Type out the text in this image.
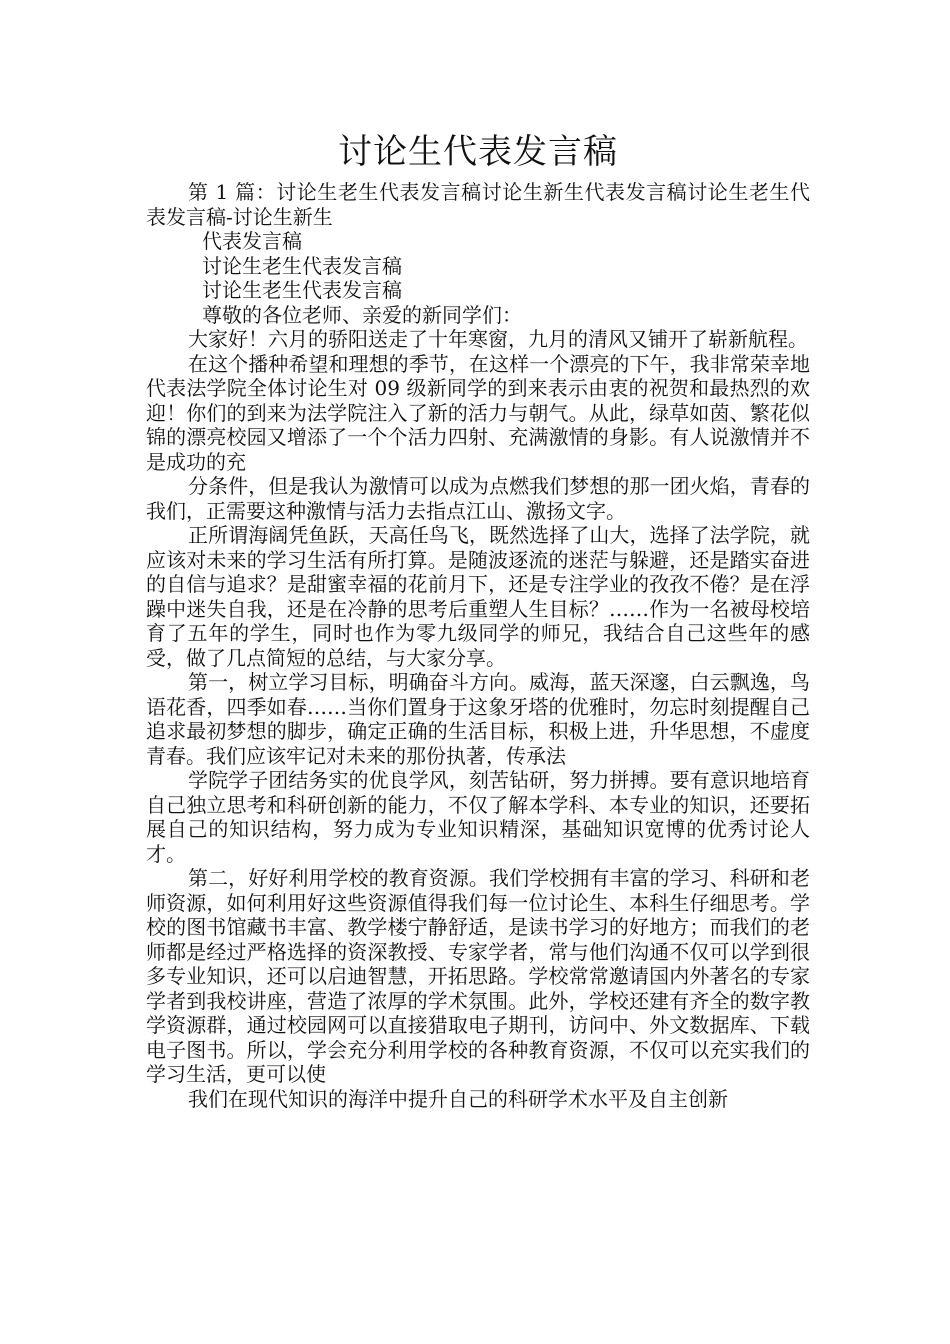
讨论生代表发言稿

第 1 篇：讨论生老生代表发言稿讨论生新生代表发言稿讨论生老生代表发言稿-讨论生新生

代表发言稿

讨论生老生代表发言稿

讨论生老生代表发言稿

尊敬的各位老师、亲爱的新同学们：

大家好！六月的骄阳送走了十年寒窗，九月的清风又铺开了崭新航程。

在这个播种希望和理想的季节，在这样一个漂亮的下午，我非常荣幸地代表法学院全体讨论生对 09 级新同学的到来表示由衷的祝贺和最热烈的欢迎！你们的到来为法学院注入了新的活力与朝气。从此，绿草如茵、繁花似锦的漂亮校园又增添了一个个活力四射、充满激情的身影。有人说激情并不是成功的充

分条件，但是我认为激情可以成为点燃我们梦想的那一团火焰，青春的我们，正需要这种激情与活力去指点江山、激扬文字。

正所谓海阔凭鱼跃，天高任鸟飞，既然选择了山大，选择了法学院，就应该对未来的学习生活有所打算。是随波逐流的迷茫与躲避，还是踏实奋进的自信与追求？是甜蜜幸福的花前月下，还是专注学业的孜孜不倦？是在浮躁中迷失自我，还是在冷静的思考后重塑人生目标？……作为一名被母校培育了五年的学生，同时也作为零九级同学的师兄，我结合自己这些年的感受，做了几点简短的总结，与大家分享。

第一，树立学习目标，明确奋斗方向。威海，蓝天深邃，白云飘逸，鸟语花香，四季如春……当你们置身于这象牙塔的优雅时，勿忘时刻提醒自己追求最初梦想的脚步，确定正确的生活目标，积极上进，升华思想，不虚度青春。我们应该牢记对未来的那份执著，传承法

学院学子团结务实的优良学风，刻苦钻研，努力拼搏。要有意识地培育自己独立思考和科研创新的能力，不仅了解本学科、本专业的知识，还要拓展自己的知识结构，努力成为专业知识精深，基础知识宽博的优秀讨论人才。

第二，好好利用学校的教育资源。我们学校拥有丰富的学习、科研和老师资源，如何利用好这些资源值得我们每一位讨论生、本科生仔细思考。学校的图书馆藏书丰富、教学楼宁静舒适，是读书学习的好地方；而我们的老师都是经过严格选择的资深教授、专家学者，常与他们沟通不仅可以学到很多专业知识，还可以启迪智慧，开拓思路。学校常常邀请国内外著名的专家学者到我校讲座，营造了浓厚的学术氛围。此外，学校还建有齐全的数字教学资源群，通过校园网可以直接猎取电子期刊，访问中、外文数据库、下载电子图书。所以，学会充分利用学校的各种教育资源，不仅可以充实我们的学习生活，更可以使

我们在现代知识的海洋中提升自己的科研学术水平及自主创新
